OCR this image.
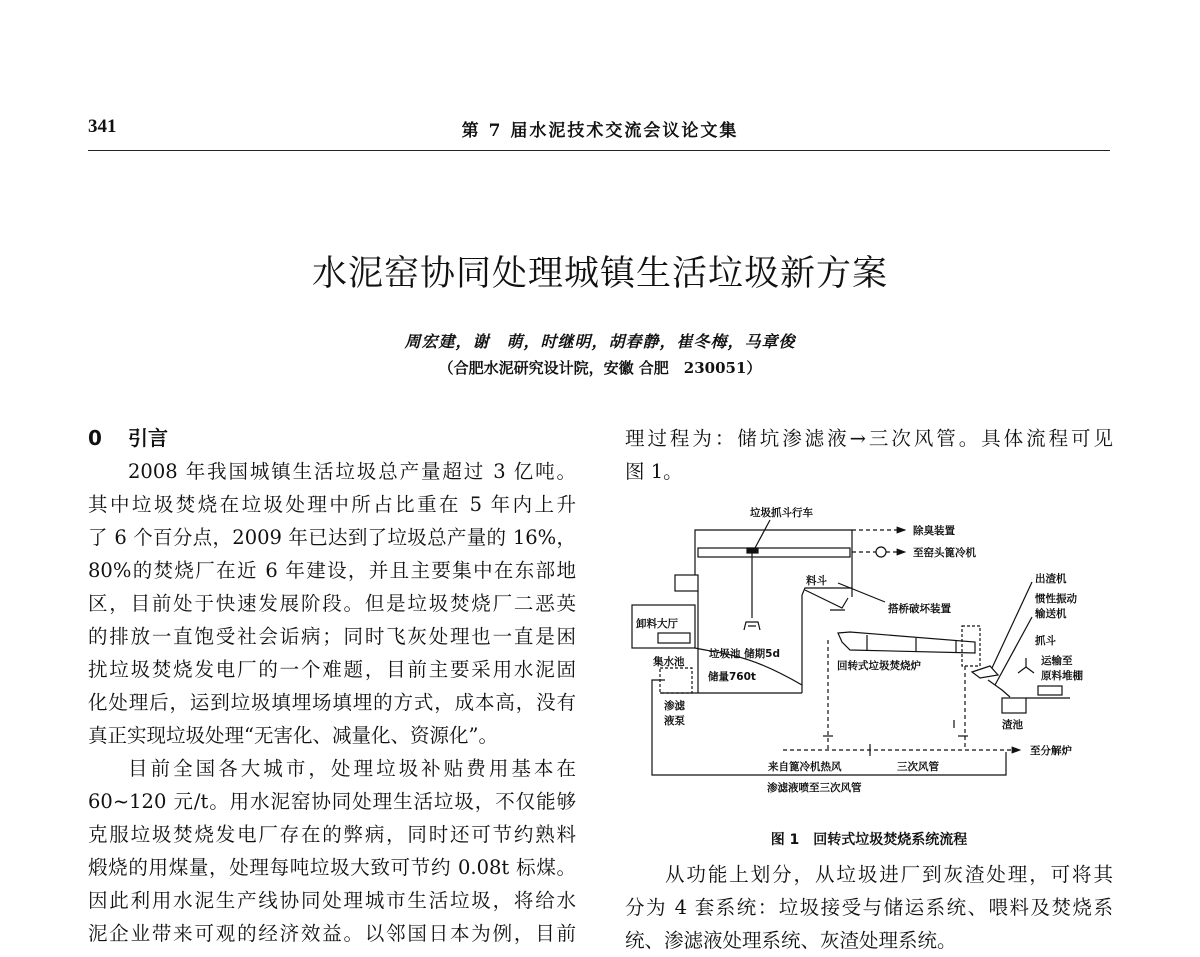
341	第 7 届水泥技术交流会议论文集
水泥窑协同处理城镇生活垃圾新方案
周宏建，谢　萌，时继明，胡春静，崔冬梅，马章俊
（合肥水泥研究设计院，安徽 合肥　230051）
0 引言
2008 年我国城镇生活垃圾总产量超过 3 亿吨。
其中垃圾焚烧在垃圾处理中所占比重在 5 年内上升
了 6 个百分点，2009 年已达到了垃圾总产量的 16%，
80%的焚烧厂在近 6 年建设，并且主要集中在东部地
区，目前处于快速发展阶段。但是垃圾焚烧厂二恶英
的排放一直饱受社会诟病；同时飞灰处理也一直是困
扰垃圾焚烧发电厂的一个难题，目前主要采用水泥固
化处理后，运到垃圾填埋场填埋的方式，成本高，没有
真正实现垃圾处理“无害化、减量化、资源化”。
目前全国各大城市，处理垃圾补贴费用基本在
60~120 元/t。用水泥窑协同处理生活垃圾，不仅能够
克服垃圾焚烧发电厂存在的弊病，同时还可节约熟料
煅烧的用煤量，处理每吨垃圾大致可节约 0.08t 标煤。
因此利用水泥生产线协同处理城市生活垃圾，将给水
泥企业带来可观的经济效益。以邻国日本为例，目前
理过程为：储坑渗滤液→三次风管。具体流程可见
图 1。
垃圾抓斗行车
除臭装置
至窑头篦冷机
料斗
搭桥破坏装置
卸料大厅
集水池
垃圾池 储期5d
储量760t
回转式垃圾焚烧炉
出渣机
惯性振动
输送机
抓斗
运输至
原料堆棚
渣池
渗滤
液泵
至分解炉
来自篦冷机热风	三次风管
渗滤液喷至三次风管
图 1　回转式垃圾焚烧系统流程
从功能上划分，从垃圾进厂到灰渣处理，可将其
分为 4 套系统：垃圾接受与储运系统、喂料及焚烧系
统、渗滤液处理系统、灰渣处理系统。
